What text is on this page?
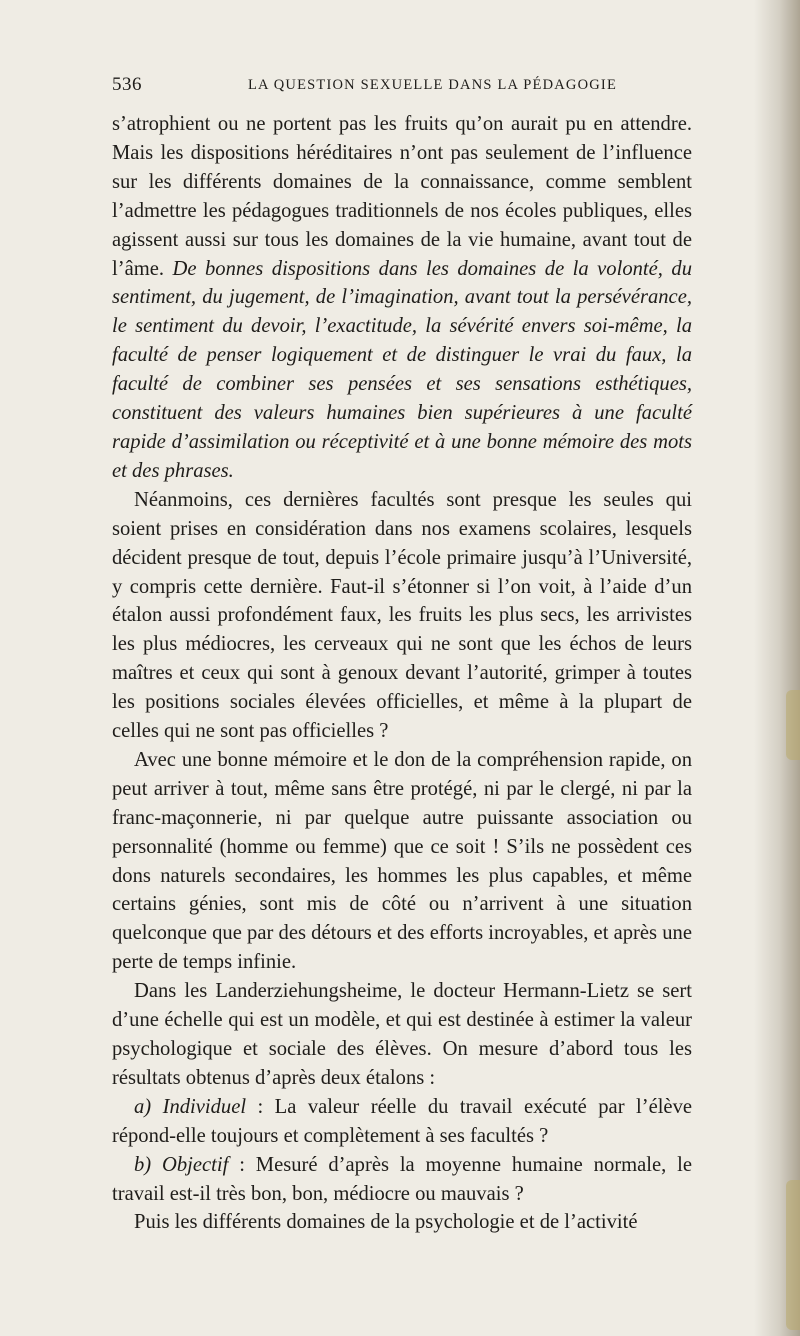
536	LA QUESTION SEXUELLE DANS LA PÉDAGOGIE

s’atrophient ou ne portent pas les fruits qu’on aurait pu en attendre. Mais les dispositions héréditaires n’ont pas seulement de l’influence sur les différents domaines de la connaissance, comme semblent l’admettre les pédagogues traditionnels de nos écoles publiques, elles agissent aussi sur tous les domaines de la vie humaine, avant tout de l’âme. De bonnes dispositions dans les domaines de la volonté, du sentiment, du jugement, de l’imagination, avant tout la persévérance, le sentiment du devoir, l’exactitude, la sévérité envers soi-même, la faculté de penser logiquement et de distinguer le vrai du faux, la faculté de combiner ses pensées et ses sensations esthétiques, constituent des valeurs humaines bien supérieures à une faculté rapide d’assimilation ou réceptivité et à une bonne mémoire des mots et des phrases.

Néanmoins, ces dernières facultés sont presque les seules qui soient prises en considération dans nos examens scolaires, lesquels décident presque de tout, depuis l’école primaire jusqu’à l’Université, y compris cette dernière. Faut-il s’étonner si l’on voit, à l’aide d’un étalon aussi profondément faux, les fruits les plus secs, les arrivistes les plus médiocres, les cerveaux qui ne sont que les échos de leurs maîtres et ceux qui sont à genoux devant l’autorité, grimper à toutes les positions sociales élevées officielles, et même à la plupart de celles qui ne sont pas officielles ?

Avec une bonne mémoire et le don de la compréhension rapide, on peut arriver à tout, même sans être protégé, ni par le clergé, ni par la franc-maçonnerie, ni par quelque autre puissante association ou personnalité (homme ou femme) que ce soit ! S’ils ne possèdent ces dons naturels secondaires, les hommes les plus capables, et même certains génies, sont mis de côté ou n’arrivent à une situation quelconque que par des détours et des efforts incroyables, et après une perte de temps infinie.

Dans les Landerziehungsheime, le docteur Hermann-Lietz se sert d’une échelle qui est un modèle, et qui est destinée à estimer la valeur psychologique et sociale des élèves. On mesure d’abord tous les résultats obtenus d’après deux étalons :

a) Individuel : La valeur réelle du travail exécuté par l’élève répond-elle toujours et complètement à ses facultés ?

b) Objectif : Mesuré d’après la moyenne humaine normale, le travail est-il très bon, bon, médiocre ou mauvais ?

Puis les différents domaines de la psychologie et de l’activité
